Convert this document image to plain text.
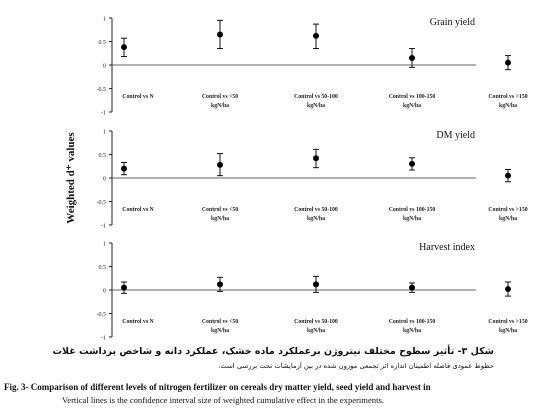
Weighted d⁺ values
1
0.5
0
-0.5
-1
Grain yield
Control vs N	Control vs <50
kgN/ha
Control vs 50-100
kgN/ha
Control vs 100-150
kgN/ha
Control vs >150
kgN/ha
1
0.5
0
-0.5
-1
DM yield
Control vs N	Control vs <50
kgN/ha
Control vs 50-100
kgN/ha
Control vs 100-150
kgN/ha
Control vs >150
kgN/ha
1
0.5
0
-0.5
-1
Harvest index
Control vs N	Control vs <50
kgN/ha
Control vs 50-100
kgN/ha
Control vs 100-150
kgN/ha
Control vs >150
kgN/ha
شکل ۳- تأثیر سطوح مختلف نیتروژن برعملکرد ماده خشک، عملکرد دانه و شاخص برداشت غلات
خطوط عمودی فاصله اطمینان اندازه اثر تجمعی موزون شده در بین آزمایشات تحت بررسی است.
Fig. 3- Comparison of different levels of nitrogen fertilizer on cereals dry matter yield, seed yield and harvest in
Vertical lines is the confidence interval size of weighted cumulative effect in the experiments.
